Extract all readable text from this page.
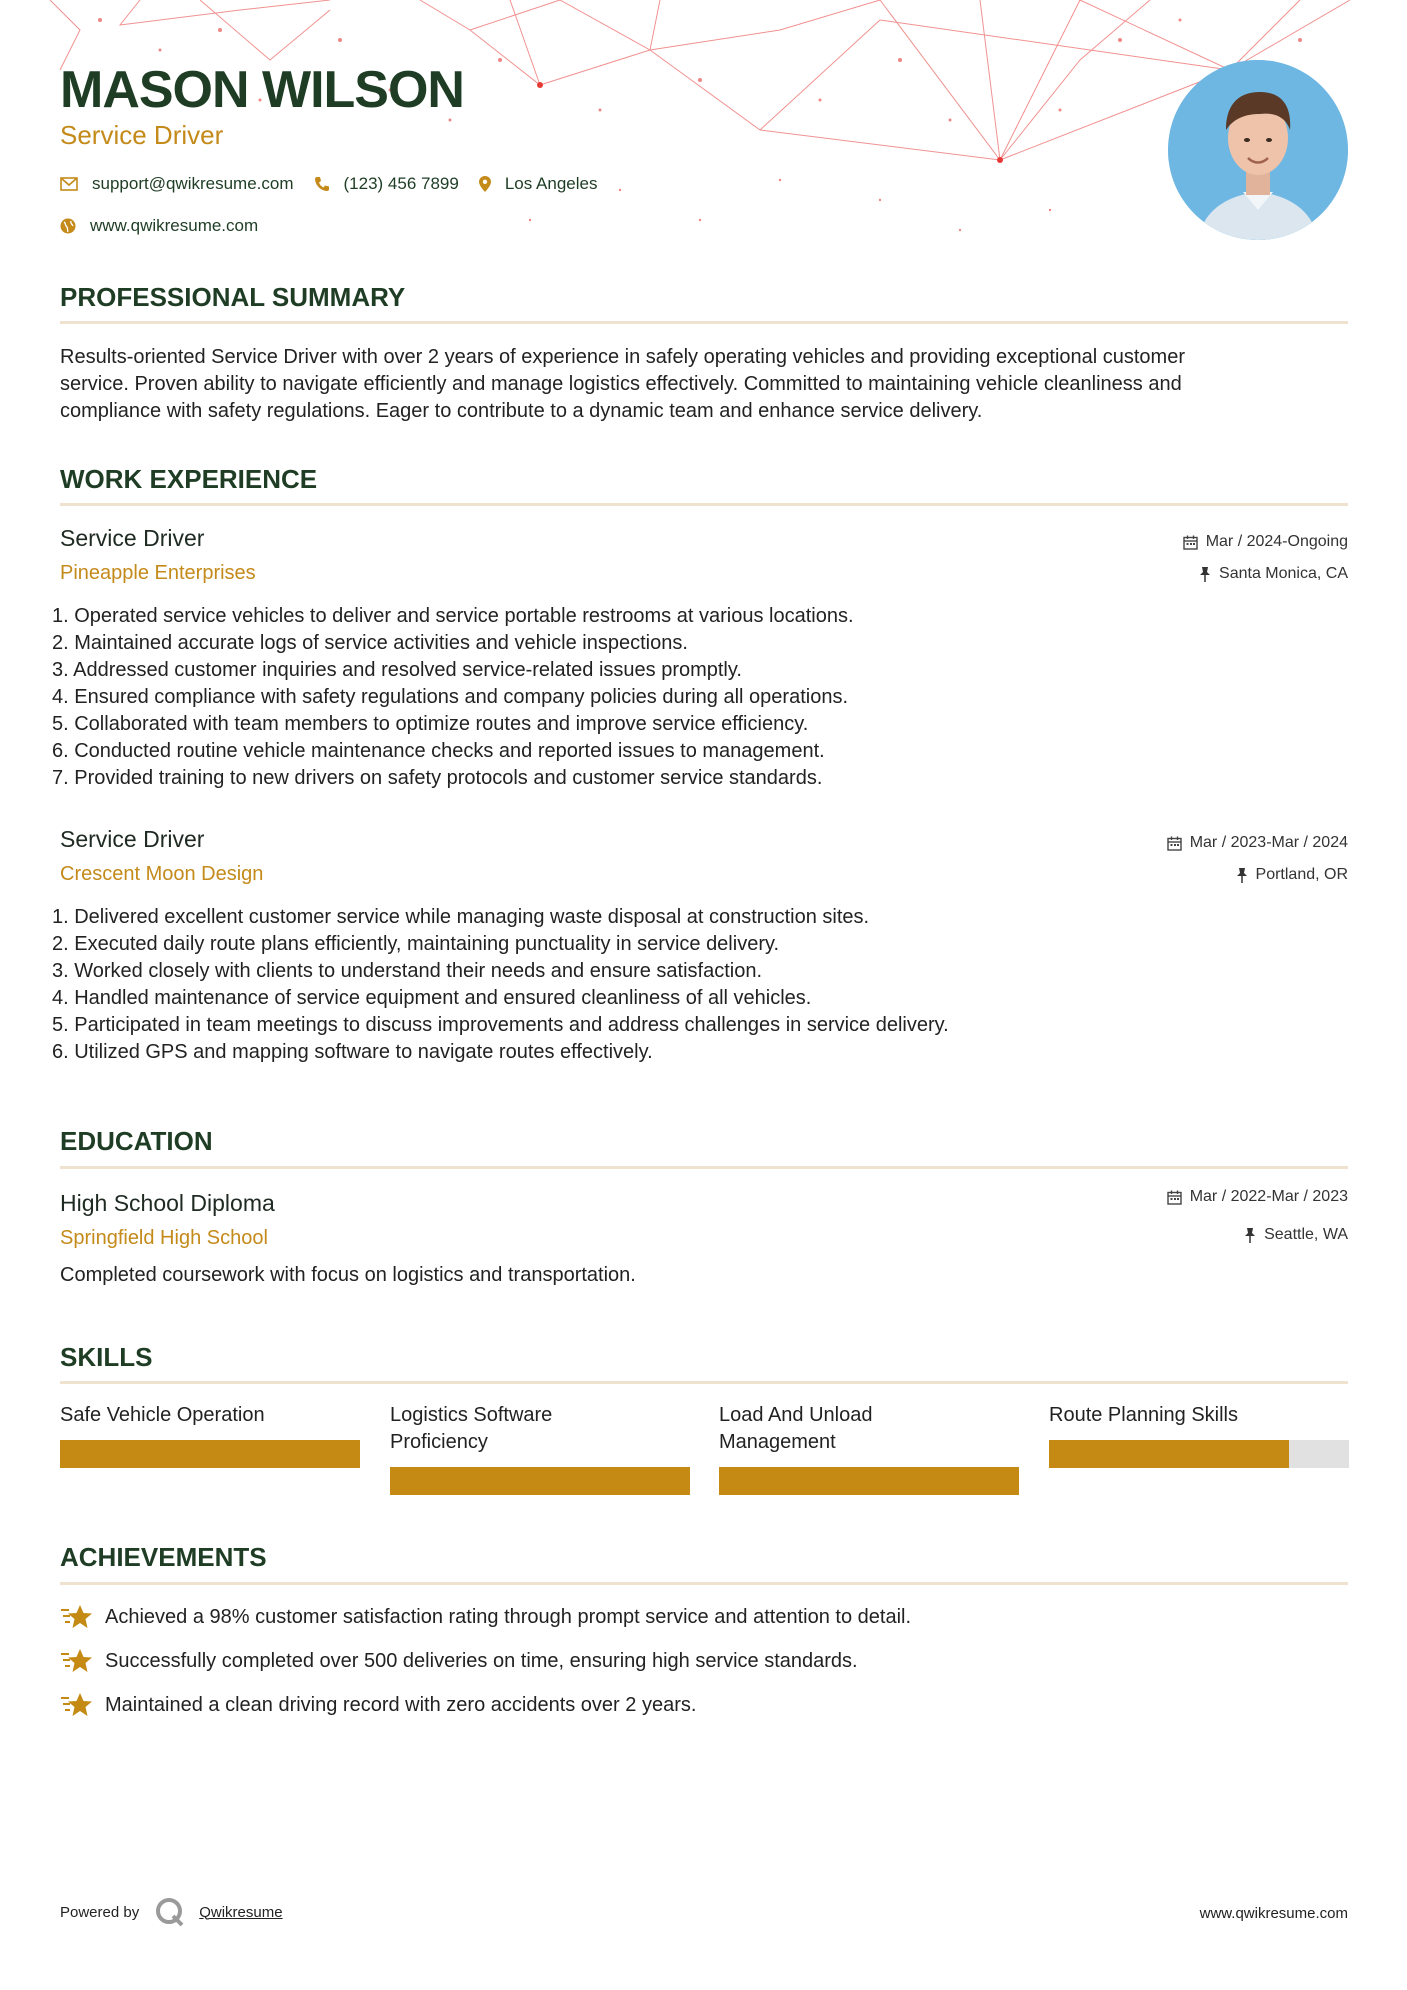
MASON WILSON
Service Driver
support@qwikresume.com	(123) 456 7899	Los Angeles
www.qwikresume.com
PROFESSIONAL SUMMARY
Results-oriented Service Driver with over 2 years of experience in safely operating vehicles and providing exceptional customer
service. Proven ability to navigate efficiently and manage logistics effectively. Committed to maintaining vehicle cleanliness and
compliance with safety regulations. Eager to contribute to a dynamic team and enhance service delivery.
WORK EXPERIENCE
Service Driver
Pineapple Enterprises
Mar / 2024-Ongoing
Santa Monica, CA
1. Operated service vehicles to deliver and service portable restrooms at various locations.
2. Maintained accurate logs of service activities and vehicle inspections.
3. Addressed customer inquiries and resolved service-related issues promptly.
4. Ensured compliance with safety regulations and company policies during all operations.
5. Collaborated with team members to optimize routes and improve service efficiency.
6. Conducted routine vehicle maintenance checks and reported issues to management.
7. Provided training to new drivers on safety protocols and customer service standards.
Service Driver
Crescent Moon Design
Mar / 2023-Mar / 2024
Portland, OR
1. Delivered excellent customer service while managing waste disposal at construction sites.
2. Executed daily route plans efficiently, maintaining punctuality in service delivery.
3. Worked closely with clients to understand their needs and ensure satisfaction.
4. Handled maintenance of service equipment and ensured cleanliness of all vehicles.
5. Participated in team meetings to discuss improvements and address challenges in service delivery.
6. Utilized GPS and mapping software to navigate routes effectively.
EDUCATION
High School Diploma
Springfield High School
Mar / 2022-Mar / 2023
Seattle, WA
Completed coursework with focus on logistics and transportation.
SKILLS
Safe Vehicle Operation	Logistics Software
Proficiency
Load And Unload
Management
Route Planning Skills
ACHIEVEMENTS
Achieved a 98% customer satisfaction rating through prompt service and attention to detail.
Successfully completed over 500 deliveries on time, ensuring high service standards.
Maintained a clean driving record with zero accidents over 2 years.
Powered by	Qwikresume	www.qwikresume.com
